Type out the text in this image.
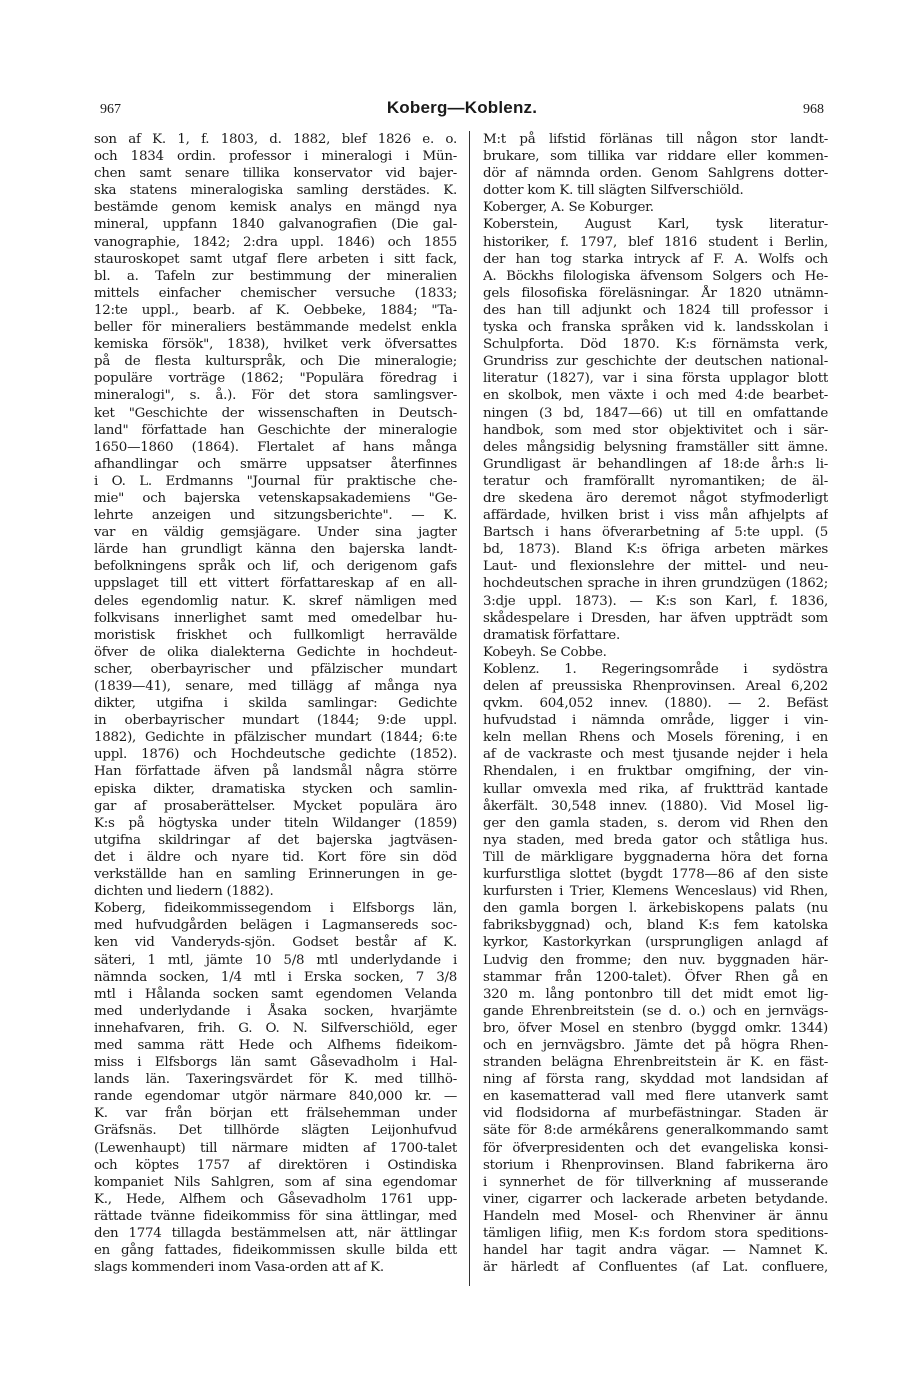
967	Koberg—Koblenz.	968
son af K. 1, f. 1803, d. 1882, blef 1826 e. o.
och 1834 ordin. professor i mineralogi i Mün-
chen samt senare tillika konservator vid bajer-
ska statens mineralogiska samling derstädes. K.
bestämde genom kemisk analys en mängd nya
mineral, uppfann 1840 galvanografien (Die gal-
vanographie, 1842; 2:dra uppl. 1846) och 1855
stauroskopet samt utgaf flere arbeten i sitt fack,
bl. a. Tafeln zur bestimmung der mineralien
mittels einfacher chemischer versuche (1833;
12:te uppl., bearb. af K. Oebbeke, 1884; "Ta-
beller för mineraliers bestämmande medelst enkla
kemiska försök", 1838), hvilket verk öfversattes
på de flesta kulturspråk, och Die mineralogie;
populäre vorträge (1862; "Populära föredrag i
mineralogi", s. å.). För det stora samlingsver-
ket "Geschichte der wissenschaften in Deutsch-
land" författade han Geschichte der mineralogie
1650—1860 (1864). Flertalet af hans många
afhandlingar och smärre uppsatser återfinnes
i O. L. Erdmanns "Journal für praktische che-
mie" och bajerska vetenskapsakademiens "Ge-
lehrte anzeigen und sitzungsberichte". — K.
var en väldig gemsjägare. Under sina jagter
lärde han grundligt känna den bajerska landt-
befolkningens språk och lif, och derigenom gafs
uppslaget till ett vittert författareskap af en all-
deles egendomlig natur. K. skref nämligen med
folkvisans innerlighet samt med omedelbar hu-
moristisk friskhet och fullkomligt herravälde
öfver de olika dialekterna Gedichte in hochdeut-
scher, oberbayrischer und pfälzischer mundart
(1839—41), senare, med tillägg af många nya
dikter, utgifna i skilda samlingar: Gedichte
in oberbayrischer mundart (1844; 9:de uppl.
1882), Gedichte in pfälzischer mundart (1844; 6:te
uppl. 1876) och Hochdeutsche gedichte (1852).
Han författade äfven på landsmål några större
episka dikter, dramatiska stycken och samlin-
gar af prosaberättelser. Mycket populära äro
K:s på högtyska under titeln Wildanger (1859)
utgifna skildringar af det bajerska jagtväsen-
det i äldre och nyare tid. Kort före sin död
verkställde han en samling Erinnerungen in ge-
dichten und liedern (1882).
Koberg, fideikommissegendom i Elfsborgs län,
med hufvudgården belägen i Lagmansereds soc-
ken vid Vanderyds-sjön. Godset består af K.
säteri, 1 mtl, jämte 10 5/8 mtl underlydande i
nämnda socken, 1/4 mtl i Erska socken, 7 3/8
mtl i Hålanda socken samt egendomen Velanda
med underlydande i Åsaka socken, hvarjämte
innehafvaren, frih. G. O. N. Silfverschiöld, eger
med samma rätt Hede och Alfhems fideikom-
miss i Elfsborgs län samt Gåsevadholm i Hal-
lands län. Taxeringsvärdet för K. med tillhö-
rande egendomar utgör närmare 840,000 kr. —
K. var från början ett frälsehemman under
Gräfsnäs. Det tillhörde slägten Leijonhufvud
(Lewenhaupt) till närmare midten af 1700-talet
och köptes 1757 af direktören i Ostindiska
kompaniet Nils Sahlgren, som af sina egendomar
K., Hede, Alfhem och Gåsevadholm 1761 upp-
rättade tvänne fideikommiss för sina ättlingar, med
den 1774 tillagda bestämmelsen att, när ättlingar
en gång fattades, fideikommissen skulle bilda ett
slags kommenderi inom Vasa-orden att af K.
M:t på lifstid förlänas till någon stor landt-
brukare, som tillika var riddare eller kommen-
dör af nämnda orden. Genom Sahlgrens dotter-
dotter kom K. till slägten Silfverschiöld.
Koberger, A. Se Koburger.
Koberstein, August Karl, tysk literatur-
historiker, f. 1797, blef 1816 student i Berlin,
der han tog starka intryck af F. A. Wolfs och
A. Böckhs filologiska äfvensom Solgers och He-
gels filosofiska föreläsningar. År 1820 utnämn-
des han till adjunkt och 1824 till professor i
tyska och franska språken vid k. landsskolan i
Schulpforta. Död 1870. K:s förnämsta verk,
Grundriss zur geschichte der deutschen national-
literatur (1827), var i sina första upplagor blott
en skolbok, men växte i och med 4:de bearbet-
ningen (3 bd, 1847—66) ut till en omfattande
handbok, som med stor objektivitet och i sär-
deles mångsidig belysning framställer sitt ämne.
Grundligast är behandlingen af 18:de årh:s li-
teratur och framförallt nyromantiken; de äl-
dre skedena äro deremot något styfmoderligt
affärdade, hvilken brist i viss mån afhjelpts af
Bartsch i hans öfverarbetning af 5:te uppl. (5
bd, 1873). Bland K:s öfriga arbeten märkes
Laut- und flexionslehre der mittel- und neu-
hochdeutschen sprache in ihren grundzügen (1862;
3:dje uppl. 1873). — K:s son Karl, f. 1836,
skådespelare i Dresden, har äfven uppträdt som
dramatisk författare.
Kobeyh. Se Cobbe.
Koblenz. 1. Regeringsområde i sydöstra
delen af preussiska Rhenprovinsen. Areal 6,202
qvkm. 604,052 innev. (1880). — 2. Befäst
hufvudstad i nämnda område, ligger i vin-
keln mellan Rhens och Mosels förening, i en
af de vackraste och mest tjusande nejder i hela
Rhendalen, i en fruktbar omgifning, der vin-
kullar omvexla med rika, af fruktträd kantade
åkerfält. 30,548 innev. (1880). Vid Mosel lig-
ger den gamla staden, s. derom vid Rhen den
nya staden, med breda gator och ståtliga hus.
Till de märkligare byggnaderna höra det forna
kurfurstliga slottet (bygdt 1778—86 af den siste
kurfursten i Trier, Klemens Wenceslaus) vid Rhen,
den gamla borgen l. ärkebiskopens palats (nu
fabriksbyggnad) och, bland K:s fem katolska
kyrkor, Kastorkyrkan (ursprungligen anlagd af
Ludvig den fromme; den nuv. byggnaden här-
stammar från 1200-talet). Öfver Rhen gå en
320 m. lång pontonbro till det midt emot lig-
gande Ehrenbreitstein (se d. o.) och en jernvägs-
bro, öfver Mosel en stenbro (byggd omkr. 1344)
och en jernvägsbro. Jämte det på högra Rhen-
stranden belägna Ehrenbreitstein är K. en fäst-
ning af första rang, skyddad mot landsidan af
en kasematterad vall med flere utanverk samt
vid flodsidorna af murbefästningar. Staden är
säte för 8:de armékårens generalkommando samt
för öfverpresidenten och det evangeliska konsi-
storium i Rhenprovinsen. Bland fabrikerna äro
i synnerhet de för tillverkning af musserande
viner, cigarrer och lackerade arbeten betydande.
Handeln med Mosel- och Rhenviner är ännu
tämligen lifiig, men K:s fordom stora speditions-
handel har tagit andra vägar. — Namnet K.
är härledt af Confluentes (af Lat. confluere,
